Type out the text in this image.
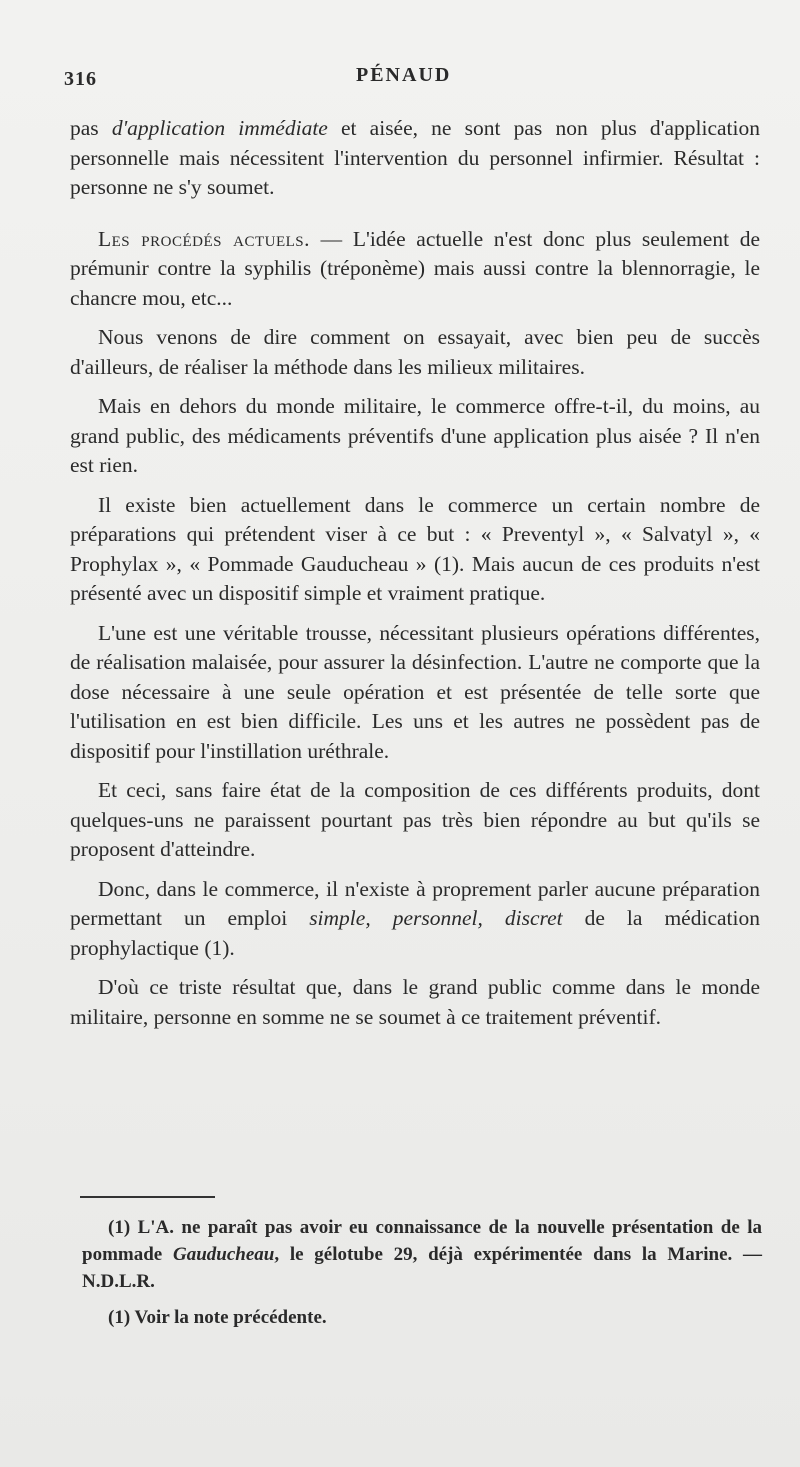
316	PÉNAUD

pas d'application immédiate et aisée, ne sont pas non plus d'application personnelle mais nécessitent l'intervention du personnel infirmier. Résultat : personne ne s'y soumet.

Les procédés actuels. — L'idée actuelle n'est donc plus seulement de prémunir contre la syphilis (tréponème) mais aussi contre la blennorragie, le chancre mou, etc...

Nous venons de dire comment on essayait, avec bien peu de succès d'ailleurs, de réaliser la méthode dans les milieux militaires.

Mais en dehors du monde militaire, le commerce offre-t-il, du moins, au grand public, des médicaments préventifs d'une application plus aisée ? Il n'en est rien.

Il existe bien actuellement dans le commerce un certain nombre de préparations qui prétendent viser à ce but : « Preventyl », « Salvatyl », « Prophylax », « Pommade Gauducheau » (1). Mais aucun de ces produits n'est présenté avec un dispositif simple et vraiment pratique.

L'une est une véritable trousse, nécessitant plusieurs opérations différentes, de réalisation malaisée, pour assurer la désinfection. L'autre ne comporte que la dose nécessaire à une seule opération et est présentée de telle sorte que l'utilisation en est bien difficile. Les uns et les autres ne possèdent pas de dispositif pour l'instillation uréthrale.

Et ceci, sans faire état de la composition de ces différents produits, dont quelques-uns ne paraissent pourtant pas très bien répondre au but qu'ils se proposent d'atteindre.

Donc, dans le commerce, il n'existe à proprement parler aucune préparation permettant un emploi simple, personnel, discret de la médication prophylactique (1).

D'où ce triste résultat que, dans le grand public comme dans le monde militaire, personne en somme ne se soumet à ce traitement préventif.

(1) L'A. ne paraît pas avoir eu connaissance de la nouvelle présentation de la pommade Gauducheau, le gélotube 29, déjà expérimentée dans la Marine. — N.D.L.R.

(1) Voir la note précédente.
